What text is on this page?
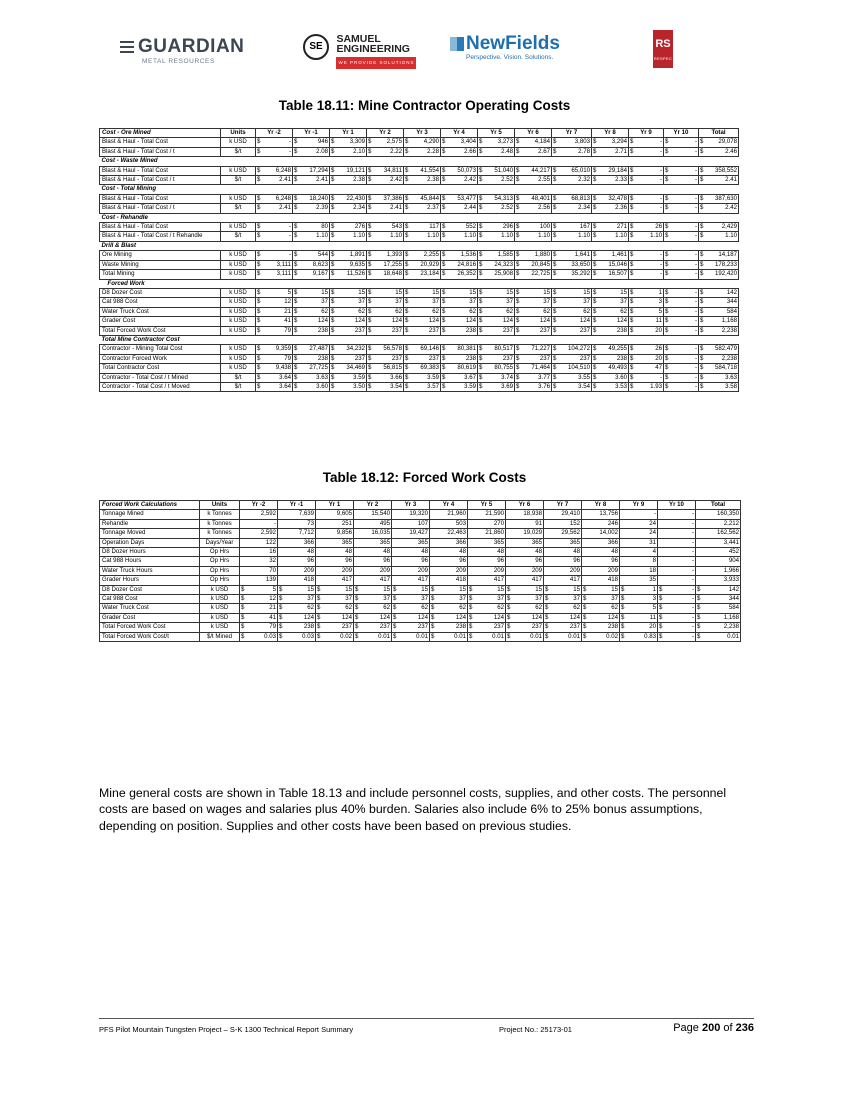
GUARDIAN
METAL RESOURCES
SE SAMUEL
ENGINEERING
WE PROVIDE SOLUTIONS
NewFields
Perspective. Vision. Solutions.
RS
RESPEC
Table 18.11: Mine Contractor Operating Costs
Cost - Ore Mined	Units	Yr -2	Yr -1	Yr 1	Yr 2	Yr 3	Yr 4	Yr 5	Yr 6	Yr 7	Yr 8	Yr 9	Yr 10	Total
Blast & Haul - Total Cost	k USD	$ -	$ 946	$ 3,309	$ 2,575	$ 4,290	$ 3,404	$ 3,273	$ 4,184	$ 3,803	$ 3,294	$ -	$ -	$ 29,078

Blast & Haul - Total Cost / t	$/t	$ -	$ 2.08	$ 2.10	$ 2.22	$ 2.28	$ 2.66	$ 2.48	$ 2.67	$ 2.78	$ 2.71	$ -	$ -	$ 2.46

Cost - Waste Mined														
Blast & Haul - Total Cost	k USD	$ 6,248	$ 17,294	$ 19,121	$ 34,811	$ 41,554	$ 50,073	$ 51,040	$ 44,217	$ 65,010	$ 29,184	$ -	$ -	$ 358,552

Blast & Haul - Total Cost / t	$/t	$ 2.41	$ 2.41	$ 2.38	$ 2.42	$ 2.38	$ 2.42	$ 2.52	$ 2.55	$ 2.32	$ 2.33	$ -	$ -	$ 2.41

Cost - Total Mining														
Blast & Haul - Total Cost	k USD	$ 6,248	$ 18,240	$ 22,430	$ 37,386	$ 45,844	$ 53,477	$ 54,313	$ 48,401	$ 68,813	$ 32,478	$ -	$ -	$ 387,630

Blast & Haul - Total Cost / t	$/t	$ 2.41	$ 2.39	$ 2.34	$ 2.41	$ 2.37	$ 2.44	$ 2.52	$ 2.56	$ 2.34	$ 2.36	$ -	$ -	$ 2.42

Cost - Rehandle														
Blast & Haul - Total Cost	k USD	$ -	$ 80	$ 276	$ 543	$ 117	$ 552	$ 296	$ 100	$ 167	$ 271	$ 26	$ -	$ 2,429

Blast & Haul - Total Cost / t Rehandle	$/t	$ -	$ 1.10	$ 1.10	$ 1.10	$ 1.10	$ 1.10	$ 1.10	$ 1.10	$ 1.10	$ 1.10	$ 1.10	$ -	$ 1.10

Drill & Blast														
Ore Mining	k USD	$ -	$ 544	$ 1,891	$ 1,393	$ 2,255	$ 1,536	$ 1,585	$ 1,880	$ 1,641	$ 1,461	$ -	$ -	$ 14,187

Waste Mining	k USD	$ 3,111	$ 8,623	$ 9,635	$ 17,255	$ 20,929	$ 24,816	$ 24,323	$ 20,845	$ 33,650	$ 15,046	$ -	$ -	$ 178,233

Total Mining	k USD	$ 3,111	$ 9,167	$ 11,526	$ 18,648	$ 23,184	$ 26,352	$ 25,908	$ 22,725	$ 35,292	$ 16,507	$ -	$ -	$ 192,420

Forced Work														
D8 Dozer Cost	k USD	$ 5	$ 15	$ 15	$ 15	$ 15	$ 15	$ 15	$ 15	$ 15	$ 15	$ 1	$ -	$ 142

Cat 988 Cost	k USD	$ 12	$ 37	$ 37	$ 37	$ 37	$ 37	$ 37	$ 37	$ 37	$ 37	$ 3	$ -	$ 344

Water Truck Cost	k USD	$ 21	$ 62	$ 62	$ 62	$ 62	$ 62	$ 62	$ 62	$ 62	$ 62	$ 5	$ -	$ 584

Grader Cost	k USD	$ 41	$ 124	$ 124	$ 124	$ 124	$ 124	$ 124	$ 124	$ 124	$ 124	$ 11	$ -	$ 1,168

Total Forced Work Cost	k USD	$ 79	$ 238	$ 237	$ 237	$ 237	$ 238	$ 237	$ 237	$ 237	$ 238	$ 20	$ -	$ 2,238

Total Mine Contractor Cost														
Contractor - Mining Total Cost	k USD	$ 9,359	$ 27,487	$ 34,232	$ 56,578	$ 69,146	$ 80,381	$ 80,517	$ 71,227	$ 104,272	$ 49,255	$ 26	$ -	$ 582,479

Contractor Forced Work	k USD	$ 79	$ 238	$ 237	$ 237	$ 237	$ 238	$ 237	$ 237	$ 237	$ 238	$ 20	$ -	$ 2,238

Total Contractor Cost	k USD	$ 9,438	$ 27,725	$ 34,469	$ 56,815	$ 69,383	$ 80,619	$ 80,755	$ 71,464	$ 104,510	$ 49,493	$ 47	$ -	$ 584,718

Contractor - Total Cost / t Mined	$/t	$ 3.64	$ 3.63	$ 3.59	$ 3.66	$ 3.59	$ 3.67	$ 3.74	$ 3.77	$ 3.55	$ 3.60	$ -	$ -	$ 3.63

Contractor - Total Cost / t Moved	$/t	$ 3.64	$ 3.60	$ 3.50	$ 3.54	$ 3.57	$ 3.59	$ 3.69	$ 3.76	$ 3.54	$ 3.53	$ 1.93	$ -	$ 3.58
Table 18.12: Forced Work Costs
Forced Work Calculations	Units	Yr -2	Yr -1	Yr 1	Yr 2	Yr 3	Yr 4	Yr 5	Yr 6	Yr 7	Yr 8	Yr 9	Yr 10	Total
Tonnage Mined	k Tonnes	2,592	7,639	9,605	15,540	19,320	21,960	21,590	18,938	29,410	13,756	-	-	160,350

Rehandle	k Tonnes	-	73	251	495	107	503	270	91	152	246	24	-	2,212

Tonnage Moved	k Tonnes	2,592	7,712	9,856	16,035	19,427	22,463	21,860	19,029	29,562	14,002	24	-	162,562

Operation Days	Days/Year	122	366	365	365	365	366	365	365	365	366	31	-	3,441

D8 Dozer Hours	Op Hrs	16	48	48	48	48	48	48	48	48	48	4	-	452

Cat 988 Hours	Op Hrs	32	96	96	96	96	96	96	96	96	96	8	-	904

Water Truck Hours	Op Hrs	70	209	209	209	209	209	209	209	209	209	18	-	1,966

Grader Hours	Op Hrs	139	418	417	417	417	418	417	417	417	418	35	-	3,933

D8 Dozer Cost	k USD	$ 5	$ 15	$ 15	$ 15	$ 15	$ 15	$ 15	$ 15	$ 15	$ 15	$ 1	$ -	$ 142

Cat 988 Cost	k USD	$ 12	$ 37	$ 37	$ 37	$ 37	$ 37	$ 37	$ 37	$ 37	$ 37	$ 3	$ -	$ 344

Water Truck Cost	k USD	$ 21	$ 62	$ 62	$ 62	$ 62	$ 62	$ 62	$ 62	$ 62	$ 62	$ 5	$ -	$ 584

Grader Cost	k USD	$ 41	$ 124	$ 124	$ 124	$ 124	$ 124	$ 124	$ 124	$ 124	$ 124	$ 11	$ -	$ 1,168

Total Forced Work Cost	k USD	$ 79	$ 238	$ 237	$ 237	$ 237	$ 238	$ 237	$ 237	$ 237	$ 238	$ 20	$ -	$ 2,238

Total Forced Work Cost/t	$/t Mined	$ 0.03	$ 0.03	$ 0.02	$ 0.01	$ 0.01	$ 0.01	$ 0.01	$ 0.01	$ 0.01	$ 0.02	$ 0.83	$ -	$ 0.01
Mine general costs are shown in Table 18.13 and include personnel costs, supplies, and other costs. The personnel costs are based on wages and salaries plus 40% burden. Salaries also include 6% to 25% bonus assumptions, depending on position. Supplies and other costs have been based on previous studies.
PFS Pilot Mountain Tungsten Project – S-K 1300 Technical Report Summary	Project No.: 25173-01	Page 200 of 236
